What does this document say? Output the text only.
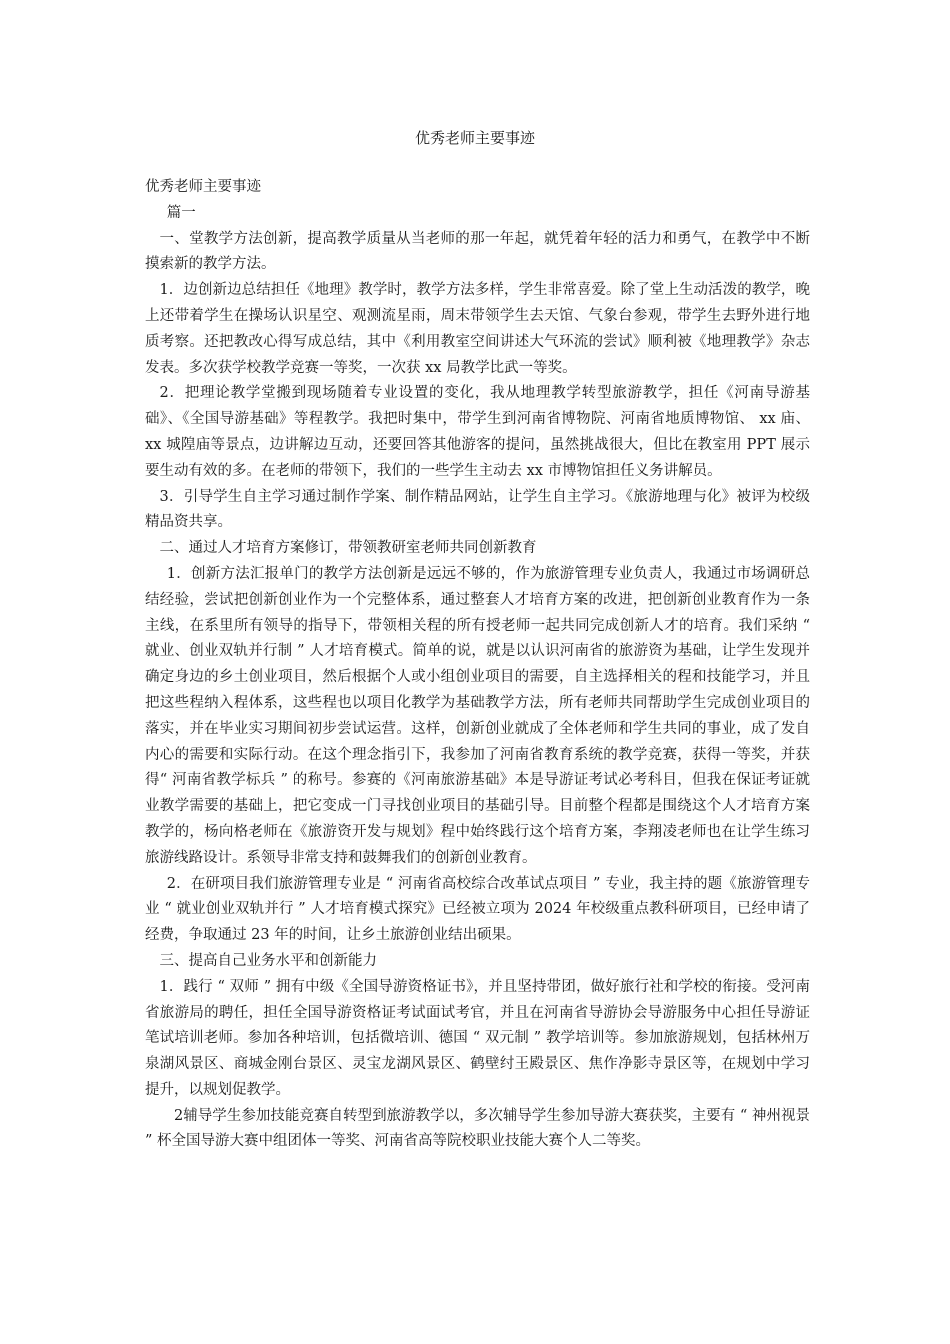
优秀老师主要事迹

优秀老师主要事迹

篇一

一、堂教学方法创新，提高教学质量从当老师的那一年起，就凭着年轻的活力和勇气，在教学中不断摸索新的教学方法。

1．边创新边总结担任《地理》教学时，教学方法多样，学生非常喜爱。除了堂上生动活泼的教学，晚上还带着学生在操场认识星空、观测流星雨，周末带领学生去天馆、气象台参观，带学生去野外进行地质考察。还把教改心得写成总结，其中《利用教室空间讲述大气环流的尝试》顺利被《地理教学》杂志发表。多次获学校教学竞赛一等奖，一次获 xx 局教学比武一等奖。

2．把理论教学堂搬到现场随着专业设置的变化，我从地理教学转型旅游教学，担任《河南导游基础》、《全国导游基础》等程教学。我把时集中，带学生到河南省博物院、河南省地质博物馆、 xx 庙、 xx 城隍庙等景点，边讲解边互动，还要回答其他游客的提问，虽然挑战很大，但比在教室用 PPT 展示要生动有效的多。在老师的带领下，我们的一些学生主动去 xx 市博物馆担任义务讲解员。

3．引导学生自主学习通过制作学案、制作精品网站，让学生自主学习。《旅游地理与化》被评为校级精品资共享。

二、通过人才培育方案修订，带领教研室老师共同创新教育

1．创新方法汇报单门的教学方法创新是远远不够的，作为旅游管理专业负责人，我通过市场调研总结经验，尝试把创新创业作为一个完整体系，通过整套人才培育方案的改进，把创新创业教育作为一条主线，在系里所有领导的指导下，带领相关程的所有授老师一起共同完成创新人才的培育。我们采纳 “ 就业、创业双轨并行制 ” 人才培育模式。简单的说，就是以认识河南省的旅游资为基础，让学生发现并确定身边的乡土创业项目，然后根据个人或小组创业项目的需要，自主选择相关的程和技能学习，并且把这些程纳入程体系，这些程也以项目化教学为基础教学方法，所有老师共同帮助学生完成创业项目的落实，并在毕业实习期间初步尝试运营。这样，创新创业就成了全体老师和学生共同的事业，成了发自内心的需要和实际行动。在这个理念指引下，我参加了河南省教育系统的教学竞赛，获得一等奖，并获得“ 河南省教学标兵 ” 的称号。参赛的《河南旅游基础》本是导游证考试必考科目，但我在保证考证就业教学需要的基础上，把它变成一门寻找创业项目的基础引导。目前整个程都是围绕这个人才培育方案教学的，杨向格老师在《旅游资开发与规划》程中始终践行这个培育方案，李翔凌老师也在让学生练习旅游线路设计。系领导非常支持和鼓舞我们的创新创业教育。

2．在研项目我们旅游管理专业是 “ 河南省高校综合改革试点项目 ” 专业，我主持的题《旅游管理专业 “ 就业创业双轨并行 ” 人才培育模式探究》已经被立项为 2024 年校级重点教科研项目，已经申请了经费，争取通过 23 年的时间，让乡土旅游创业结出硕果。

三、提高自己业务水平和创新能力

1．践行 “ 双师 ” 拥有中级《全国导游资格证书》，并且坚持带团，做好旅行社和学校的衔接。受河南省旅游局的聘任，担任全国导游资格证考试面试考官，并且在河南省导游协会导游服务中心担任导游证笔试培训老师。参加各种培训，包括微培训、德国 “ 双元制 ” 教学培训等。参加旅游规划，包括林州万泉湖风景区、商城金刚台景区、灵宝龙湖风景区、鹤壁纣王殿景区、焦作净影寺景区等，在规划中学习提升，以规划促教学。

2辅导学生参加技能竞赛自转型到旅游教学以，多次辅导学生参加导游大赛获奖，主要有 “ 神州视景 ” 杯全国导游大赛中组团体一等奖、河南省高等院校职业技能大赛个人二等奖。
